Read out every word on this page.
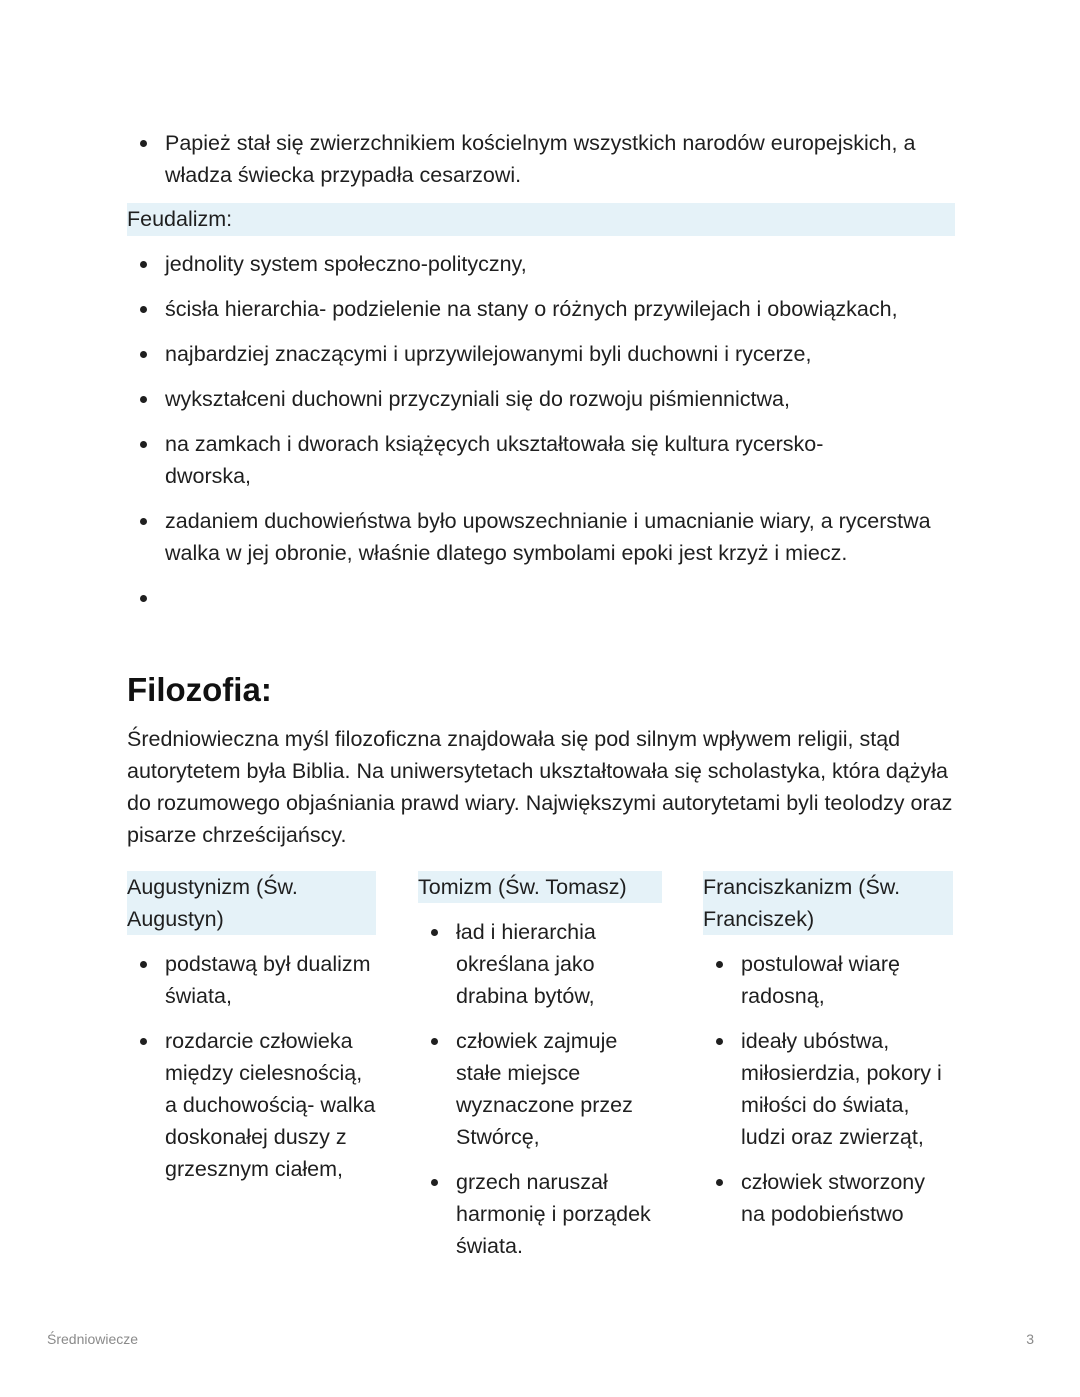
Papież stał się zwierzchnikiem kościelnym wszystkich narodów europejskich, a władza świecka przypadła cesarzowi.
Feudalizm:
jednolity system społeczno-polityczny,
ścisła hierarchia- podzielenie na stany o różnych przywilejach i obowiązkach,
najbardziej znaczącymi i uprzywilejowanymi byli duchowni i rycerze,
wykształceni duchowni przyczyniali się do rozwoju piśmiennictwa,
na zamkach i dworach książęcych ukształtowała się kultura rycersko-dworska,
zadaniem duchowieństwa było upowszechnianie i umacnianie wiary, a rycerstwa walka w jej obronie, właśnie dlatego symbolami epoki jest krzyż i miecz.
Filozofia:
Średniowieczna myśl filozoficzna znajdowała się pod silnym wpływem religii, stąd autorytetem była Biblia. Na uniwersytetach ukształtowała się scholastyka, która dążyła do rozumowego objaśniania prawd wiary. Największymi autorytetami byli teolodzy oraz pisarze chrześcijańscy.
Augustynizm (Św. Augustyn)
podstawą był dualizm świata,
rozdarcie człowieka między cielesnością, a duchowością- walka doskonałej duszy z grzesznym ciałem,
Tomizm (Św. Tomasz)
ład i hierarchia określana jako drabina bytów,
człowiek zajmuje stałe miejsce wyznaczone przez Stwórcę,
grzech naruszał harmonię i porządek świata.
Franciszkanizm (Św. Franciszek)
postulował wiarę radosną,
ideały ubóstwa, miłosierdzia, pokory i miłości do świata, ludzi oraz zwierząt,
człowiek stworzony na podobieństwo
Średniowiecze	3
